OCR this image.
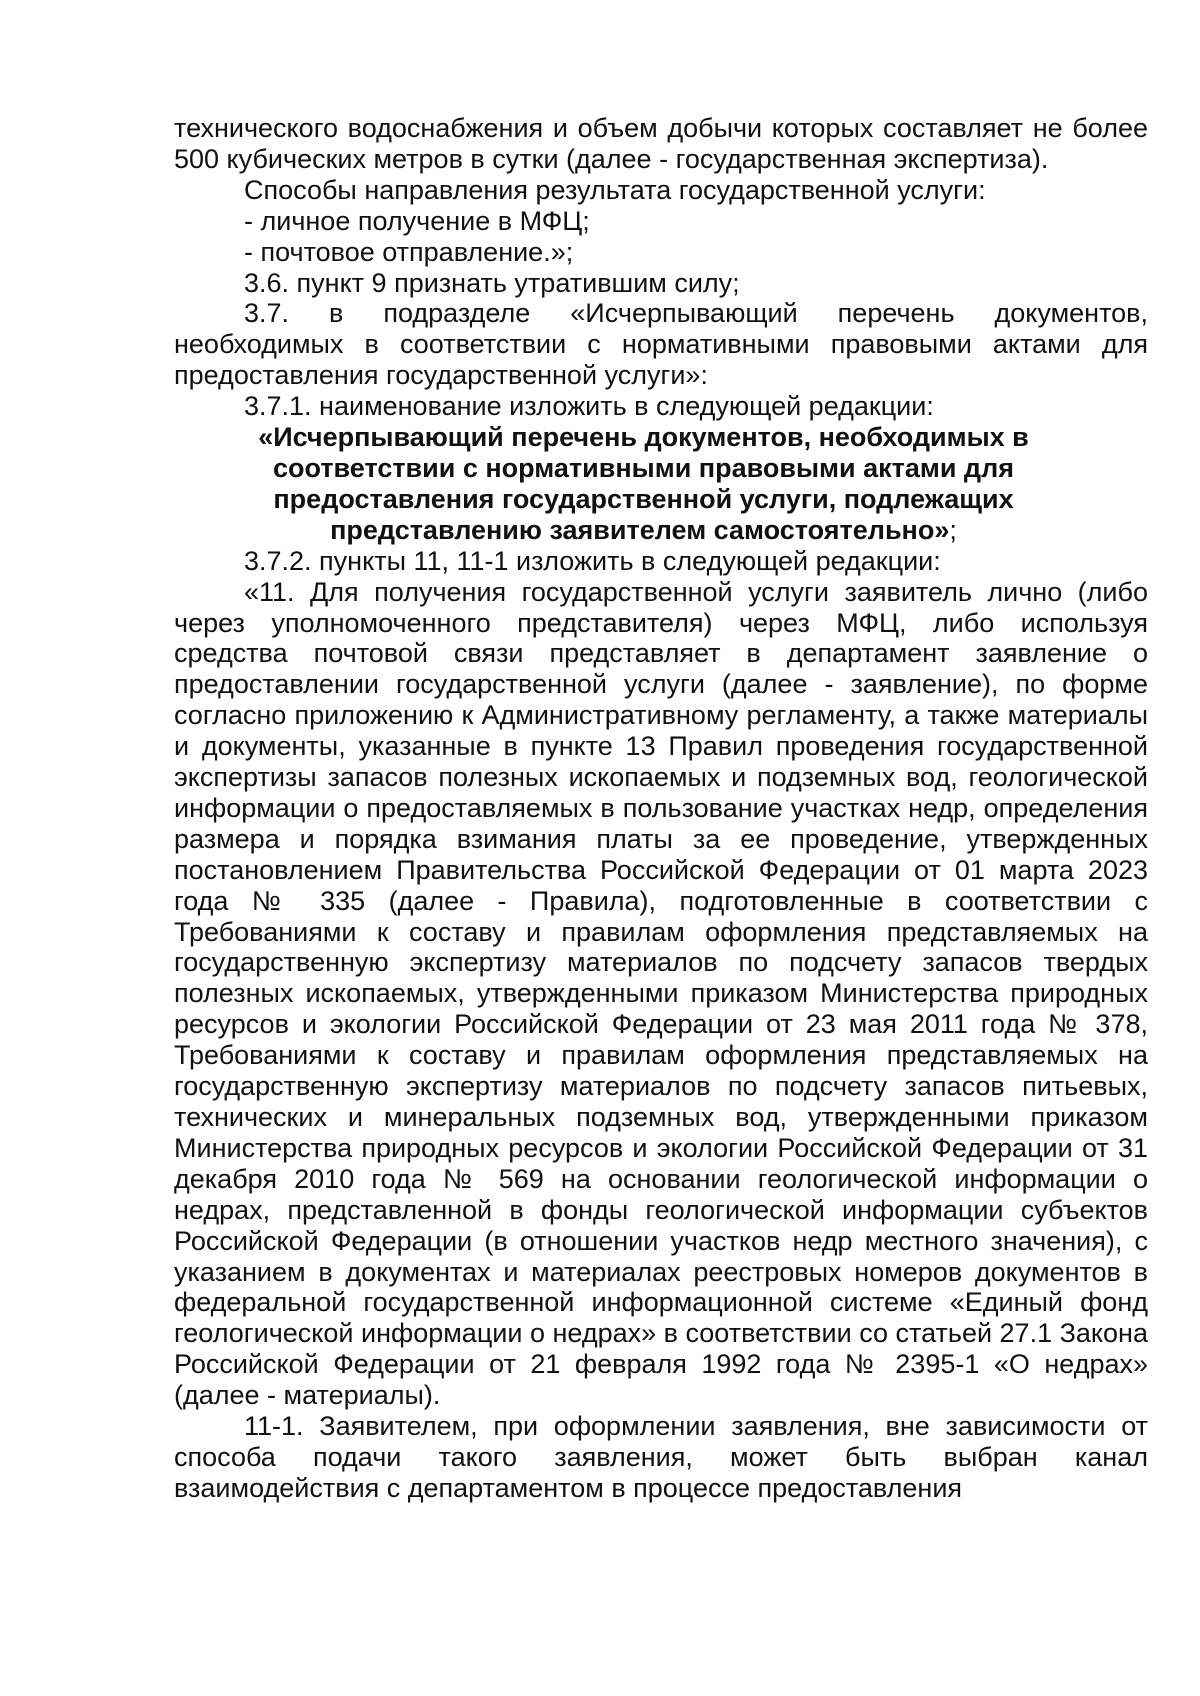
технического водоснабжения и объем добычи которых составляет не более 500 кубических метров в сутки (далее - государственная экспертиза).

Способы направления результата государственной услуги:

- личное получение в МФЦ;

- почтовое отправление.»;

3.6. пункт 9 признать утратившим силу;

3.7. в подразделе «Исчерпывающий перечень документов, необходимых в соответствии с нормативными правовыми актами для предоставления государственной услуги»:

3.7.1. наименование изложить в следующей редакции:

«Исчерпывающий перечень документов, необходимых в соответствии с нормативными правовыми актами для предоставления государственной услуги, подлежащих представлению заявителем самостоятельно»;

3.7.2. пункты 11, 11-1 изложить в следующей редакции:

«11. Для получения государственной услуги заявитель лично (либо через уполномоченного представителя) через МФЦ, либо используя средства почтовой связи представляет в департамент заявление о предоставлении государственной услуги (далее - заявление), по форме согласно приложению к Административному регламенту, а также материалы и документы, указанные в пункте 13 Правил проведения государственной экспертизы запасов полезных ископаемых и подземных вод, геологической информации о предоставляемых в пользование участках недр, определения размера и порядка взимания платы за ее проведение, утвержденных постановлением Правительства Российской Федерации от 01 марта 2023 года № 335 (далее - Правила), подготовленные в соответствии с Требованиями к составу и правилам оформления представляемых на государственную экспертизу материалов по подсчету запасов твердых полезных ископаемых, утвержденными приказом Министерства природных ресурсов и экологии Российской Федерации от 23 мая 2011 года № 378, Требованиями к составу и правилам оформления представляемых на государственную экспертизу материалов по подсчету запасов питьевых, технических и минеральных подземных вод, утвержденными приказом Министерства природных ресурсов и экологии Российской Федерации от 31 декабря 2010 года № 569 на основании геологической информации о недрах, представленной в фонды геологической информации субъектов Российской Федерации (в отношении участков недр местного значения), с указанием в документах и материалах реестровых номеров документов в федеральной государственной информационной системе «Единый фонд геологической информации о недрах» в соответствии со статьей 27.1 Закона Российской Федерации от 21 февраля 1992 года № 2395-1 «О недрах» (далее - материалы).

11-1. Заявителем, при оформлении заявления, вне зависимости от способа подачи такого заявления, может быть выбран канал взаимодействия с департаментом в процессе предоставления
